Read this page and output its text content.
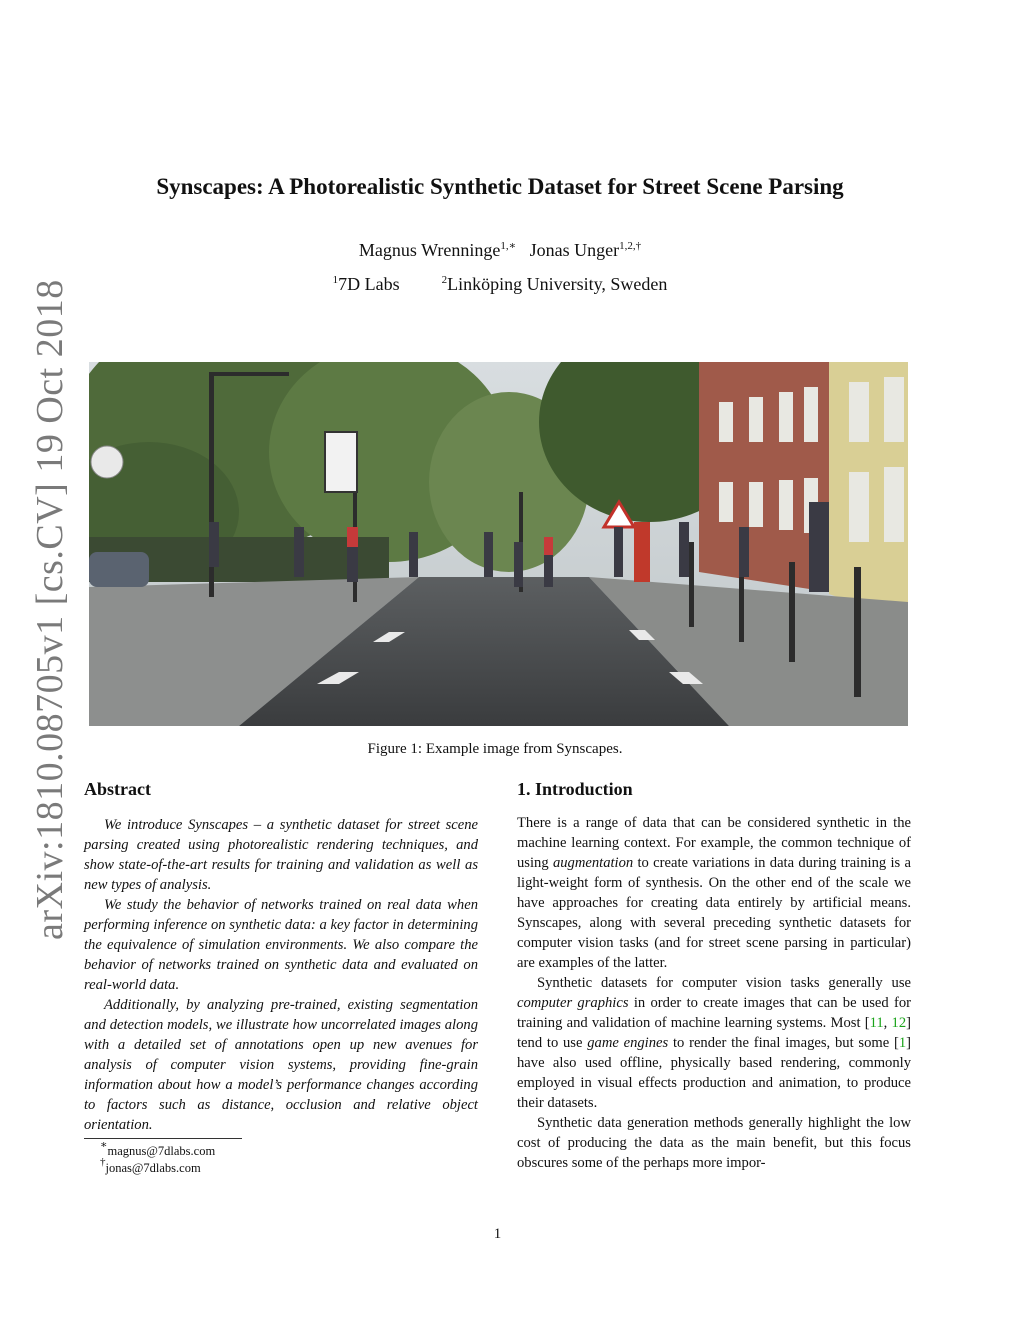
arXiv:1810.08705v1 [cs.CV] 19 Oct 2018
Synscapes: A Photorealistic Synthetic Dataset for Street Scene Parsing
Magnus Wrenninge$^{1,∗}$ Jonas Unger$^{1,2,\dagger}$
$^1$7D Labs	$^2$Linköping University, Sweden
Figure 1: Example image from Synscapes.
Abstract

We introduce Synscapes – a synthetic dataset for street scene parsing created using photorealistic rendering techniques, and show state-of-the-art results for training and validation as well as new types of analysis.

We study the behavior of networks trained on real data when performing inference on synthetic data: a key factor in determining the equivalence of simulation environments. We also compare the behavior of networks trained on synthetic data and evaluated on real-world data.

Additionally, by analyzing pre-trained, existing segmentation and detection models, we illustrate how uncorrelated images along with a detailed set of annotations open up new avenues for analysis of computer vision systems, providing fine-grain information about how a model’s performance changes according to factors such as distance, occlusion and relative object orientation.

∗magnus@7dlabs.com
†jonas@7dlabs.com
1. Introduction

There is a range of data that can be considered synthetic in the machine learning context. For example, the common technique of using augmentation to create variations in data during training is a light-weight form of synthesis. On the other end of the scale we have approaches for creating data entirely by artificial means. Synscapes, along with several preceding synthetic datasets for computer vision tasks (and for street scene parsing in particular) are examples of the latter.

Synthetic datasets for computer vision tasks generally use computer graphics in order to create images that can be used for training and validation of machine learning systems. Most [11, 12] tend to use game engines to render the final images, but some [1] have also used offline, physically based rendering, commonly employed in visual effects production and animation, to produce their datasets.

Synthetic data generation methods generally highlight the low cost of producing the data as the main benefit, but this focus obscures some of the perhaps more impor-

1
